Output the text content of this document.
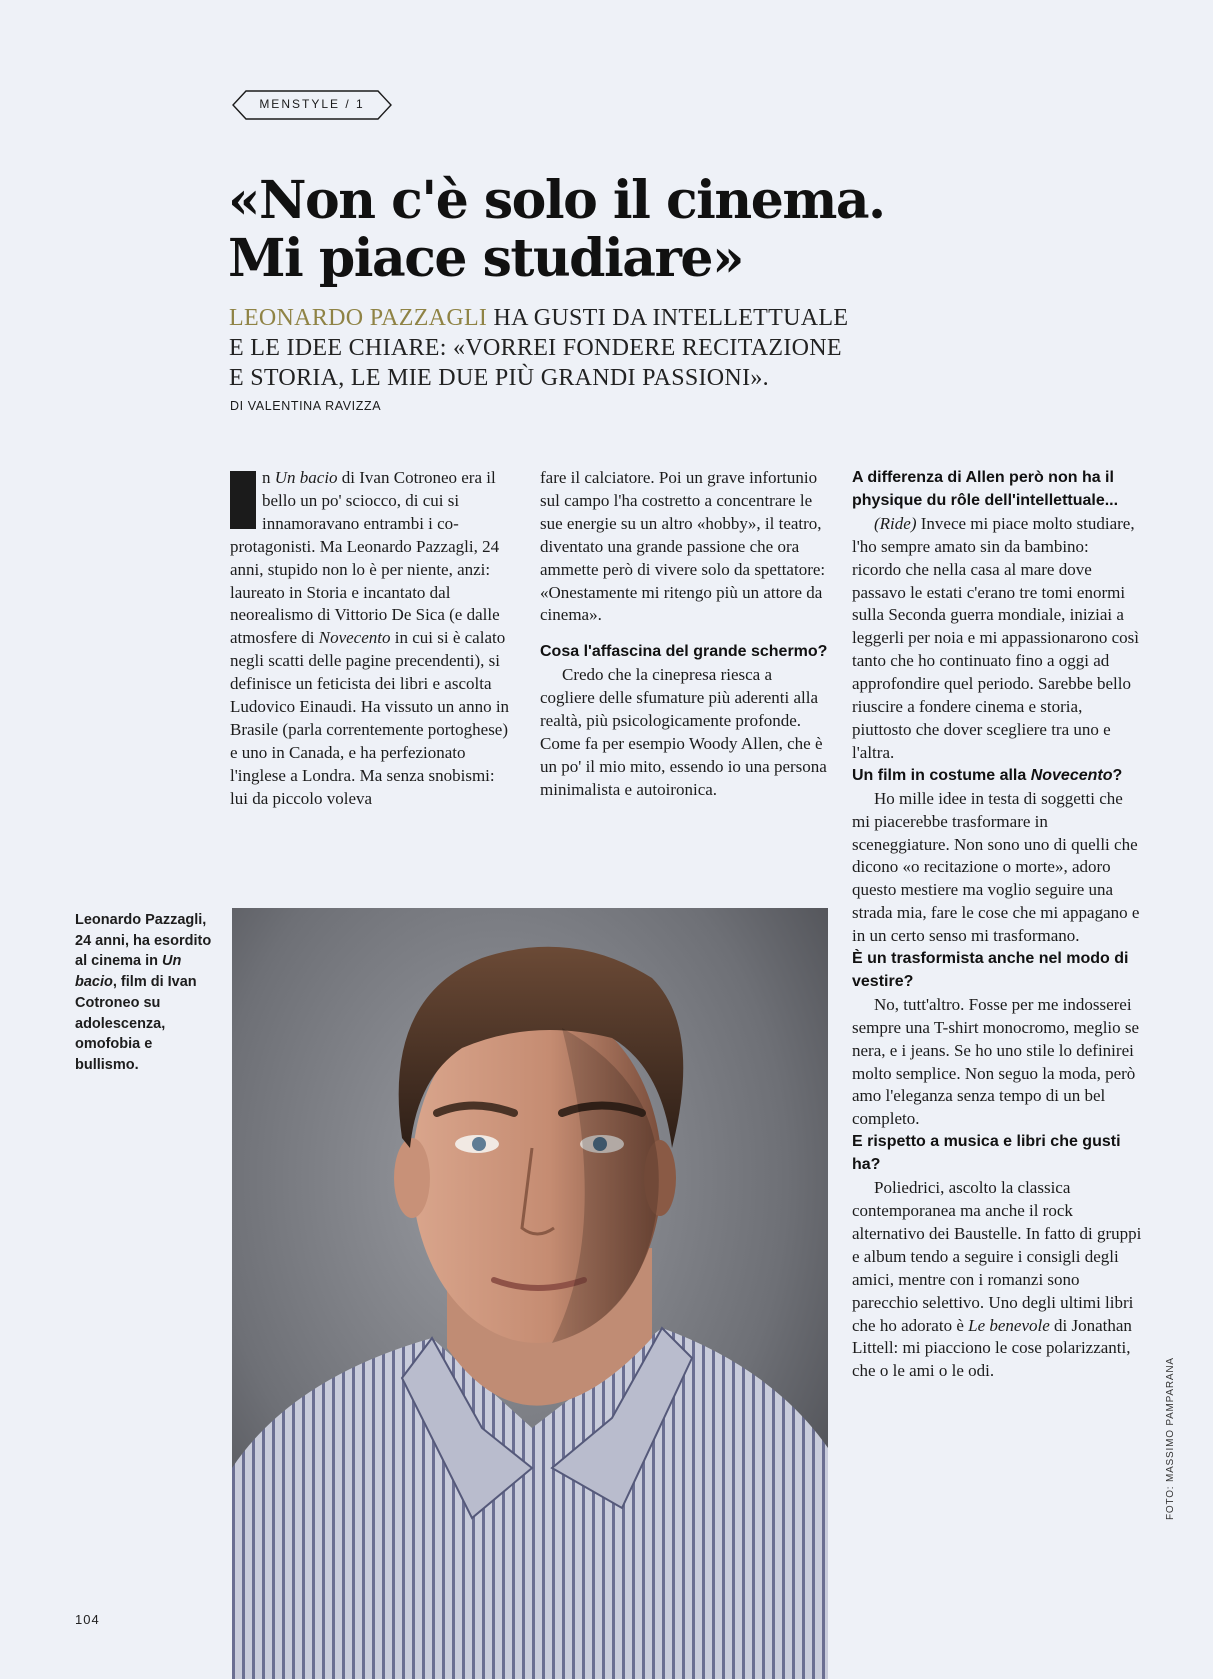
MENSTYLE / 1
«Non c'è solo il cinema.
Mi piace studiare»
LEONARDO PAZZAGLI HA GUSTI DA INTELLETTUALE
E LE IDEE CHIARE: «VORREI FONDERE RECITAZIONE
E STORIA, LE MIE DUE PIÙ GRANDI PASSIONI».
DI VALENTINA RAVIZZA
I

n Un bacio di Ivan Cotroneo era il bello un po' sciocco, di cui si innamoravano entrambi i co-protagonisti. Ma Leonardo Pazzagli, 24 anni, stupido non lo è per niente, anzi: laureato in Storia e incantato dal neorealismo di Vittorio De Sica (e dalle atmosfere di Novecento in cui si è calato negli scatti delle pagine precendenti), si definisce un feticista dei libri e ascolta Ludovico Einaudi. Ha vissuto un anno in Brasile (parla correntemente portoghese) e uno in Canada, e ha perfezionato l'inglese a Londra. Ma senza snobismi: lui da piccolo voleva

fare il calciatore. Poi un grave infortunio sul campo l'ha costretto a concentrare le sue energie su un altro «hobby», il teatro, diventato una grande passione che ora ammette però di vivere solo da spettatore: «Onestamente mi ritengo più un attore da cinema».

Cosa l'affascina del grande schermo?

Credo che la cinepresa riesca a cogliere delle sfumature più aderenti alla realtà, più psicologicamente profonde. Come fa per esempio Woody Allen, che è un po' il mio mito, essendo io una persona minimalista e autoironica.

A differenza di Allen però non ha il physique du rôle dell'intellettuale...

(Ride) Invece mi piace molto studiare, l'ho sempre amato sin da bambino: ricordo che nella casa al mare dove passavo le estati c'erano tre tomi enormi sulla Seconda guerra mondiale, iniziai a leggerli per noia e mi appassionarono così tanto che ho continuato fino a oggi ad approfondire quel periodo. Sarebbe bello riuscire a fondere cinema e storia, piuttosto che dover scegliere tra uno e l'altra.

Un film in costume alla Novecento?

Ho mille idee in testa di soggetti che mi piacerebbe trasformare in sceneggiature. Non sono uno di quelli che dicono «o recitazione o morte», adoro questo mestiere ma voglio seguire una strada mia, fare le cose che mi appagano e in un certo senso mi trasformano.

È un trasformista anche nel modo di vestire?

No, tutt'altro. Fosse per me indosserei sempre una T-shirt monocromo, meglio se nera, e i jeans. Se ho uno stile lo definirei molto semplice. Non seguo la moda, però amo l'eleganza senza tempo di un bel completo.

E rispetto a musica e libri che gusti ha?

Poliedrici, ascolto la classica contemporanea ma anche il rock alternativo dei Baustelle. In fatto di gruppi e album tendo a seguire i consigli degli amici, mentre con i romanzi sono parecchio selettivo. Uno degli ultimi libri che ho adorato è Le benevole di Jonathan Littell: mi piacciono le cose polarizzanti, che o le ami o le odi.

Leonardo Pazzagli, 24 anni, ha esordito al cinema in Un bacio, film di Ivan Cotroneo su adolescenza, omofobia e bullismo.
FOTO: MASSIMO PAMPARANA
104
